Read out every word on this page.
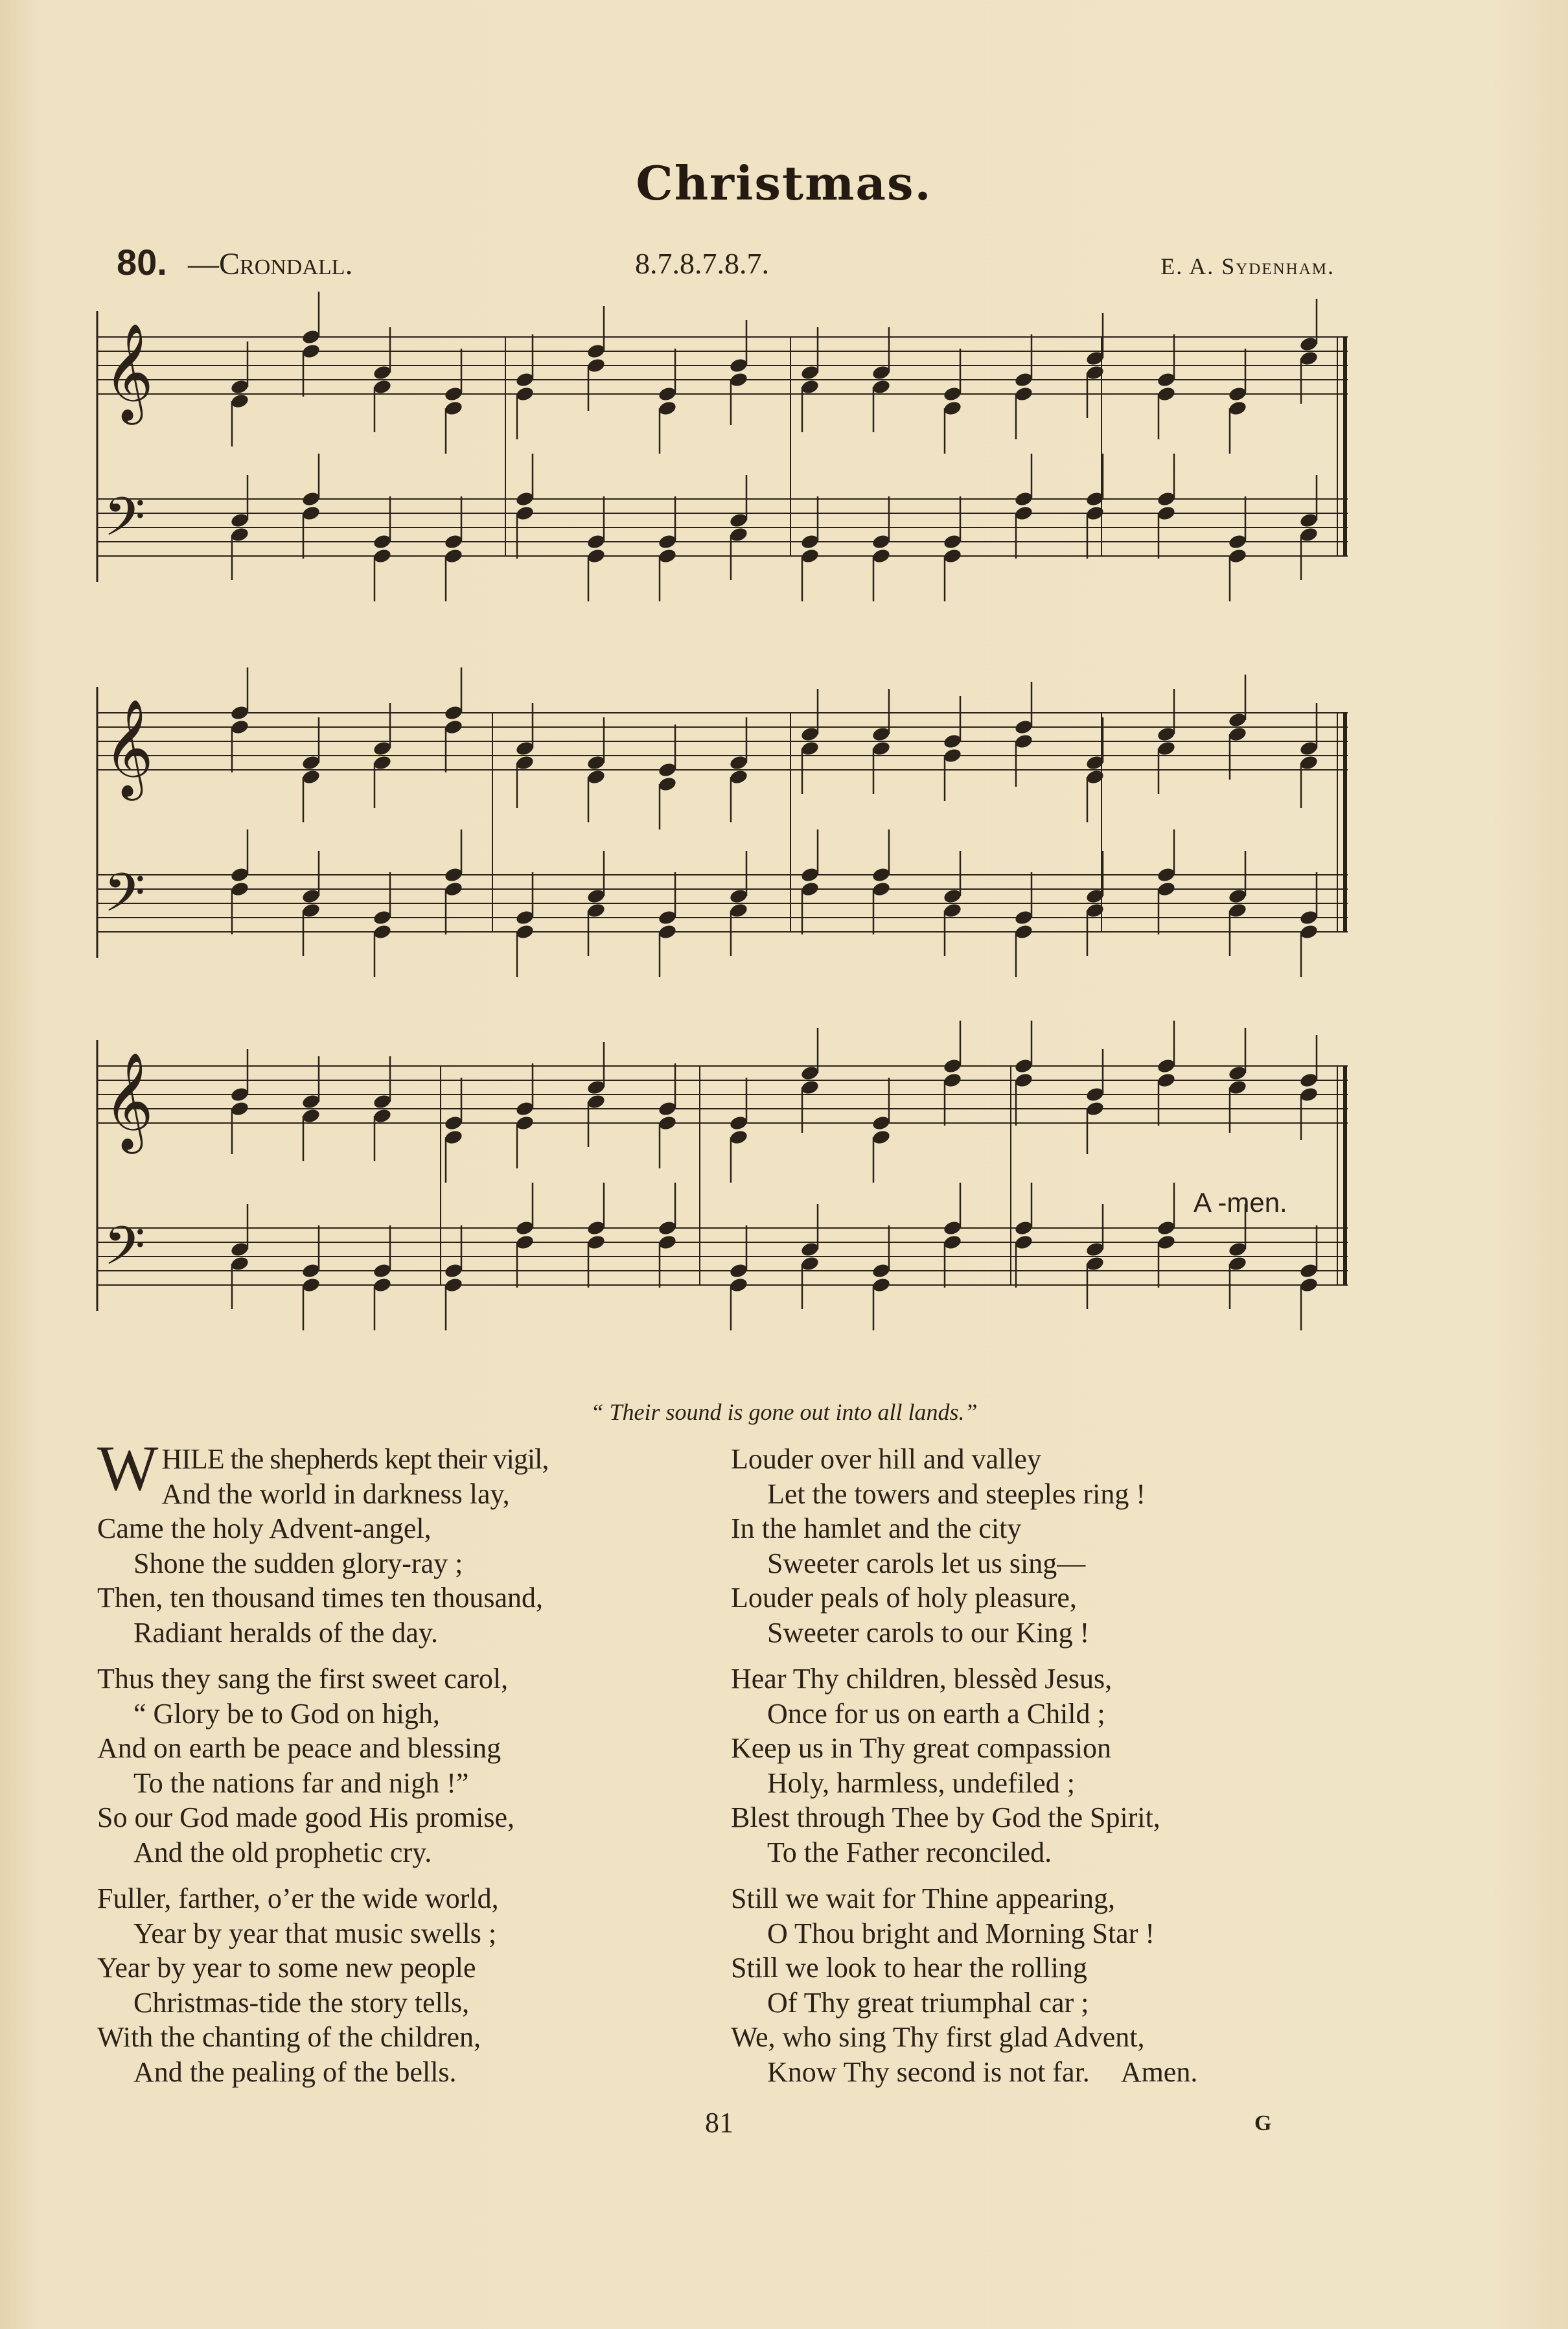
Christmas.
80. —Crondall.	8.7.8.7.8.7.	E. A. Sydenham.
𝄞
𝄢
𝄞
𝄢
𝄞
𝄢
A -men.
“ Their sound is gone out into all lands.”
WHILE the shepherds kept their vigil,
And the world in darkness lay,
Came the holy Advent-angel,
Shone the sudden glory-ray ;
Then, ten thousand times ten thousand,
Radiant heralds of the day.
Thus they sang the first sweet carol,
“ Glory be to God on high,
And on earth be peace and blessing
To the nations far and nigh !”
So our God made good His promise,
And the old prophetic cry.
Fuller, farther, o’er the wide world,
Year by year that music swells ;
Year by year to some new people
Christmas-tide the story tells,
With the chanting of the children,
And the pealing of the bells.
Louder over hill and valley
Let the towers and steeples ring !
In the hamlet and the city
Sweeter carols let us sing—
Louder peals of holy pleasure,
Sweeter carols to our King !
Hear Thy children, blessèd Jesus,
Once for us on earth a Child ;
Keep us in Thy great compassion
Holy, harmless, undefiled ;
Blest through Thee by God the Spirit,
To the Father reconciled.
Still we wait for Thine appearing,
O Thou bright and Morning Star !
Still we look to hear the rolling
Of Thy great triumphal car ;
We, who sing Thy first glad Advent,
Know Thy second is not far. Amen.
81	G
